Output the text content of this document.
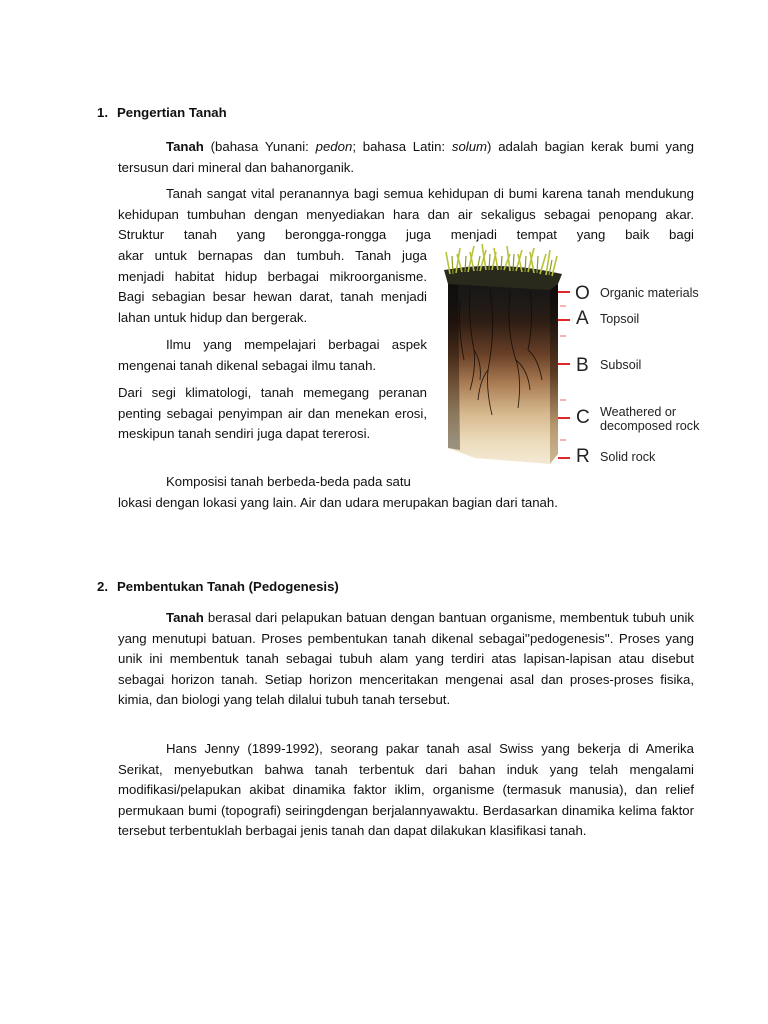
1. Pengertian Tanah

Tanah (bahasa Yunani: pedon; bahasa Latin: solum) adalah bagian kerak bumi yang tersusun dari mineral dan bahanorganik.

Tanah sangat vital peranannya bagi semua kehidupan di bumi karena tanah mendukung kehidupan tumbuhan dengan menyediakan hara dan air sekaligus sebagai penopang akar. Struktur tanah yang berongga-rongga juga menjadi tempat yang baik bagi

akar untuk bernapas dan tumbuh. Tanah juga menjadi habitat hidup berbagai mikroorganisme. Bagi sebagian besar hewan darat, tanah menjadi lahan untuk hidup dan bergerak.

Ilmu yang mempelajari berbagai aspek mengenai tanah dikenal sebagai ilmu tanah.

Dari segi klimatologi, tanah memegang peranan penting sebagai penyimpan air dan menekan erosi, meskipun tanah sendiri juga dapat tererosi.

Komposisi tanah berbeda-beda pada satu

lokasi dengan lokasi yang lain. Air dan udara merupakan bagian dari tanah.

O Organic materials
A Topsoil
B Subsoil
C Weathered or decomposed rock
R Solid rock
2. Pembentukan Tanah (Pedogenesis)

Tanah berasal dari pelapukan batuan dengan bantuan organisme, membentuk tubuh unik yang menutupi batuan. Proses pembentukan tanah dikenal sebagai''pedogenesis''. Proses yang unik ini membentuk tanah sebagai tubuh alam yang terdiri atas lapisan-lapisan atau disebut sebagai horizon tanah. Setiap horizon menceritakan mengenai asal dan proses-proses fisika, kimia, dan biologi yang telah dilalui tubuh tanah tersebut.

Hans Jenny (1899-1992), seorang pakar tanah asal Swiss yang bekerja di Amerika Serikat, menyebutkan bahwa tanah terbentuk dari bahan induk yang telah mengalami modifikasi/pelapukan akibat dinamika faktor iklim, organisme (termasuk manusia), dan relief permukaan bumi (topografi) seiringdengan berjalannyawaktu. Berdasarkan dinamika kelima faktor tersebut terbentuklah berbagai jenis tanah dan dapat dilakukan klasifikasi tanah.
